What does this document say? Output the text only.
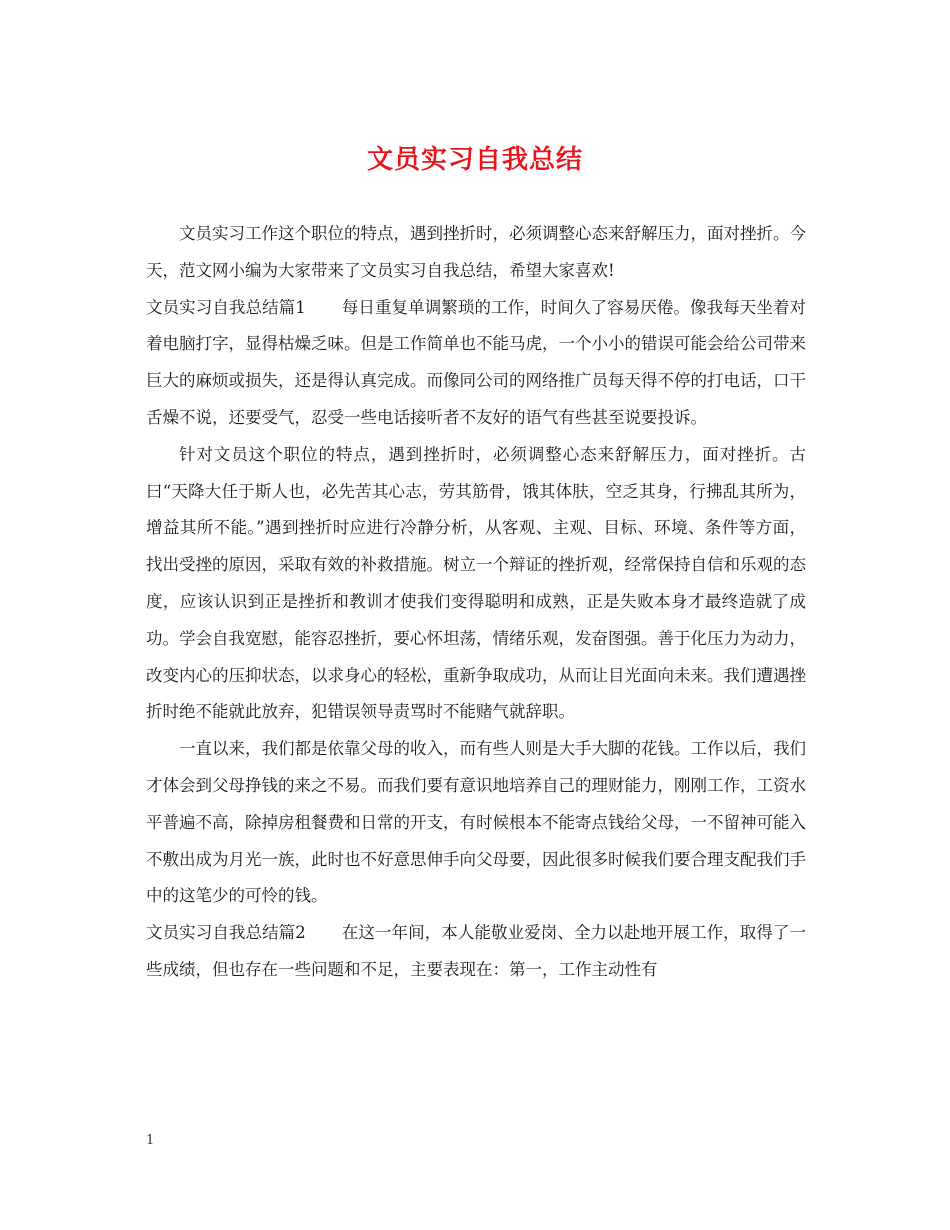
文员实习自我总结

文员实习工作这个职位的特点，遇到挫折时，必须调整心态来舒解压力，面对挫折。今天，范文网小编为大家带来了文员实习自我总结，希望大家喜欢!

文员实习自我总结篇1 每日重复单调繁琐的工作，时间久了容易厌倦。像我每天坐着对着电脑打字，显得枯燥乏味。但是工作简单也不能马虎，一个小小的错误可能会给公司带来巨大的麻烦或损失，还是得认真完成。而像同公司的网络推广员每天得不停的打电话，口干舌燥不说，还要受气，忍受一些电话接听者不友好的语气有些甚至说要投诉。

针对文员这个职位的特点，遇到挫折时，必须调整心态来舒解压力，面对挫折。古曰“天降大任于斯人也，必先苦其心志，劳其筋骨，饿其体肤，空乏其身，行拂乱其所为，增益其所不能。”遇到挫折时应进行冷静分析，从客观、主观、目标、环境、条件等方面，找出受挫的原因，采取有效的补救措施。树立一个辩证的挫折观，经常保持自信和乐观的态度，应该认识到正是挫折和教训才使我们变得聪明和成熟，正是失败本身才最终造就了成功。学会自我宽慰，能容忍挫折，要心怀坦荡，情绪乐观，发奋图强。善于化压力为动力，改变内心的压抑状态，以求身心的轻松，重新争取成功，从而让目光面向未来。我们遭遇挫折时绝不能就此放弃，犯错误领导责骂时不能赌气就辞职。

一直以来，我们都是依靠父母的收入，而有些人则是大手大脚的花钱。工作以后，我们才体会到父母挣钱的来之不易。而我们要有意识地培养自己的理财能力，刚刚工作，工资水平普遍不高，除掉房租餐费和日常的开支，有时候根本不能寄点钱给父母，一不留神可能入不敷出成为月光一族，此时也不好意思伸手向父母要，因此很多时候我们要合理支配我们手中的这笔少的可怜的钱。

文员实习自我总结篇2 在这一年间，本人能敬业爱岗、全力以赴地开展工作，取得了一些成绩，但也存在一些问题和不足，主要表现在：第一，工作主动性有

1
